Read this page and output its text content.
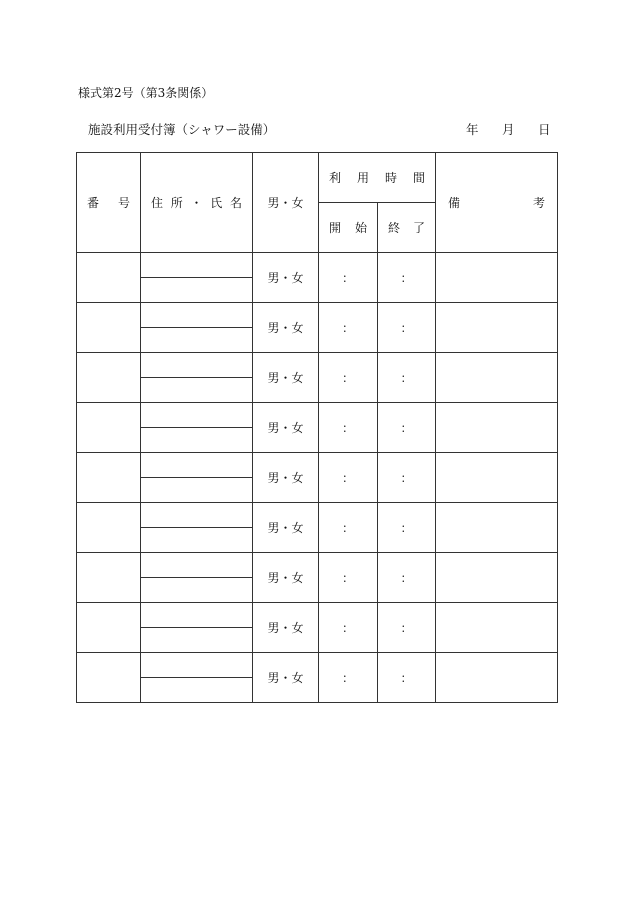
様式第2号（第3条関係）
施設利用受付簿（シャワー設備）	年 月 日
番 号	住 所 ・ 氏 名	男・女	利 用 時 間		備 考

			開 始	終 了	

		男・女	：	：	

		男・女	：	：	

		男・女	：	：	

		男・女	：	：	

		男・女	：	：	

		男・女	：	：	

		男・女	：	：	

		男・女	：	：	

		男・女	：	：	
